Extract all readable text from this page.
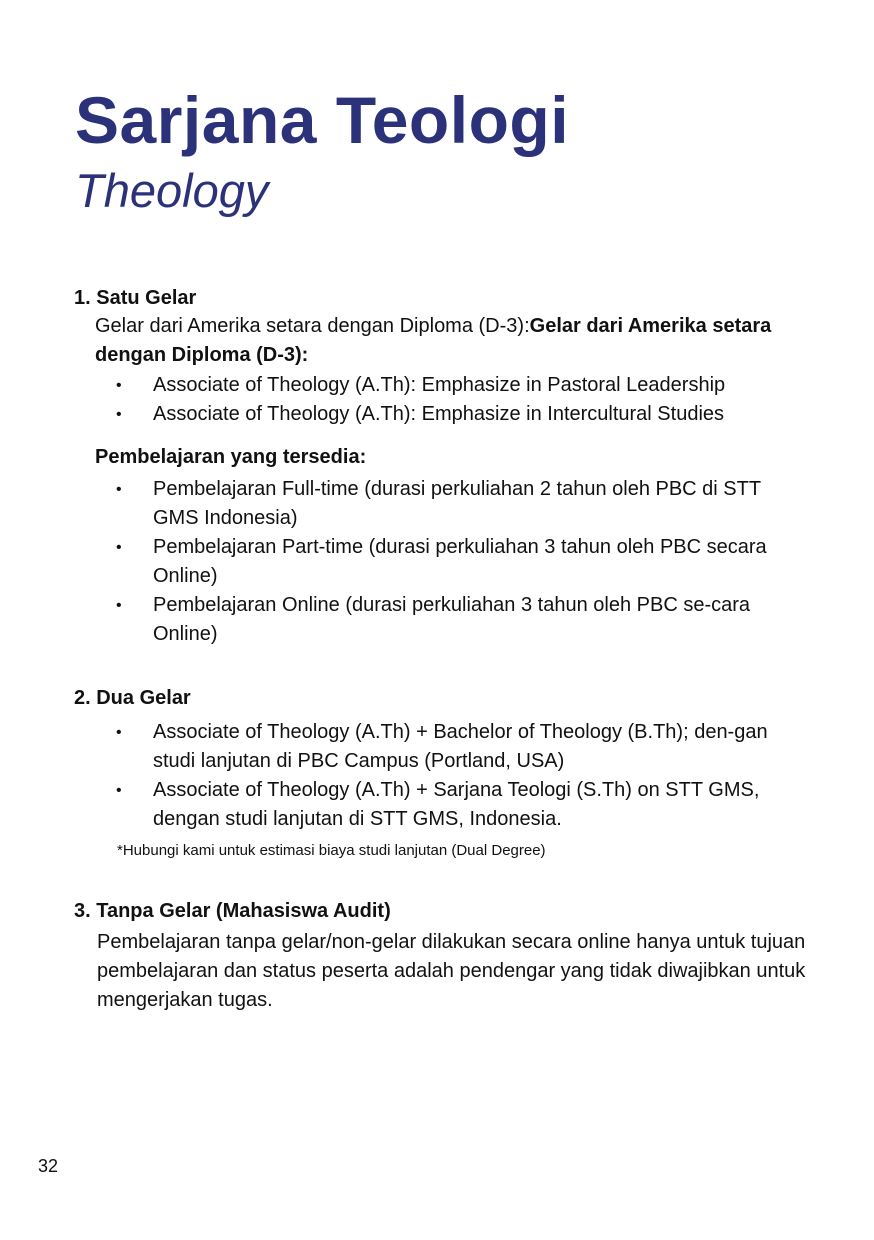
Sarjana Teologi
Theology
1. Satu Gelar

Gelar dari Amerika setara dengan Diploma (D-3):Gelar dari Amerika setara dengan Diploma (D-3):

• Associate of Theology (A.Th): Emphasize in Pastoral Leadership
• Associate of Theology (A.Th): Emphasize in Intercultural Studies
Pembelajaran yang tersedia:
• Pembelajaran Full-time (durasi perkuliahan 2 tahun oleh PBC di STT GMS Indonesia)
• Pembelajaran Part-time (durasi perkuliahan 3 tahun oleh PBC secara Online)
• Pembelajaran Online (durasi perkuliahan 3 tahun oleh PBC se-cara Online)
2. Dua Gelar
• Associate of Theology (A.Th) + Bachelor of Theology (B.Th); den-gan studi lanjutan di PBC Campus (Portland, USA)
• Associate of Theology (A.Th) + Sarjana Teologi (S.Th) on STT GMS, dengan studi lanjutan di STT GMS, Indonesia.

*Hubungi kami untuk estimasi biaya studi lanjutan (Dual Degree)

3. Tanpa Gelar (Mahasiswa Audit)

Pembelajaran tanpa gelar/non-gelar dilakukan secara online hanya untuk tujuan pembelajaran dan status peserta adalah pendengar yang tidak diwajibkan untuk mengerjakan tugas.

32
